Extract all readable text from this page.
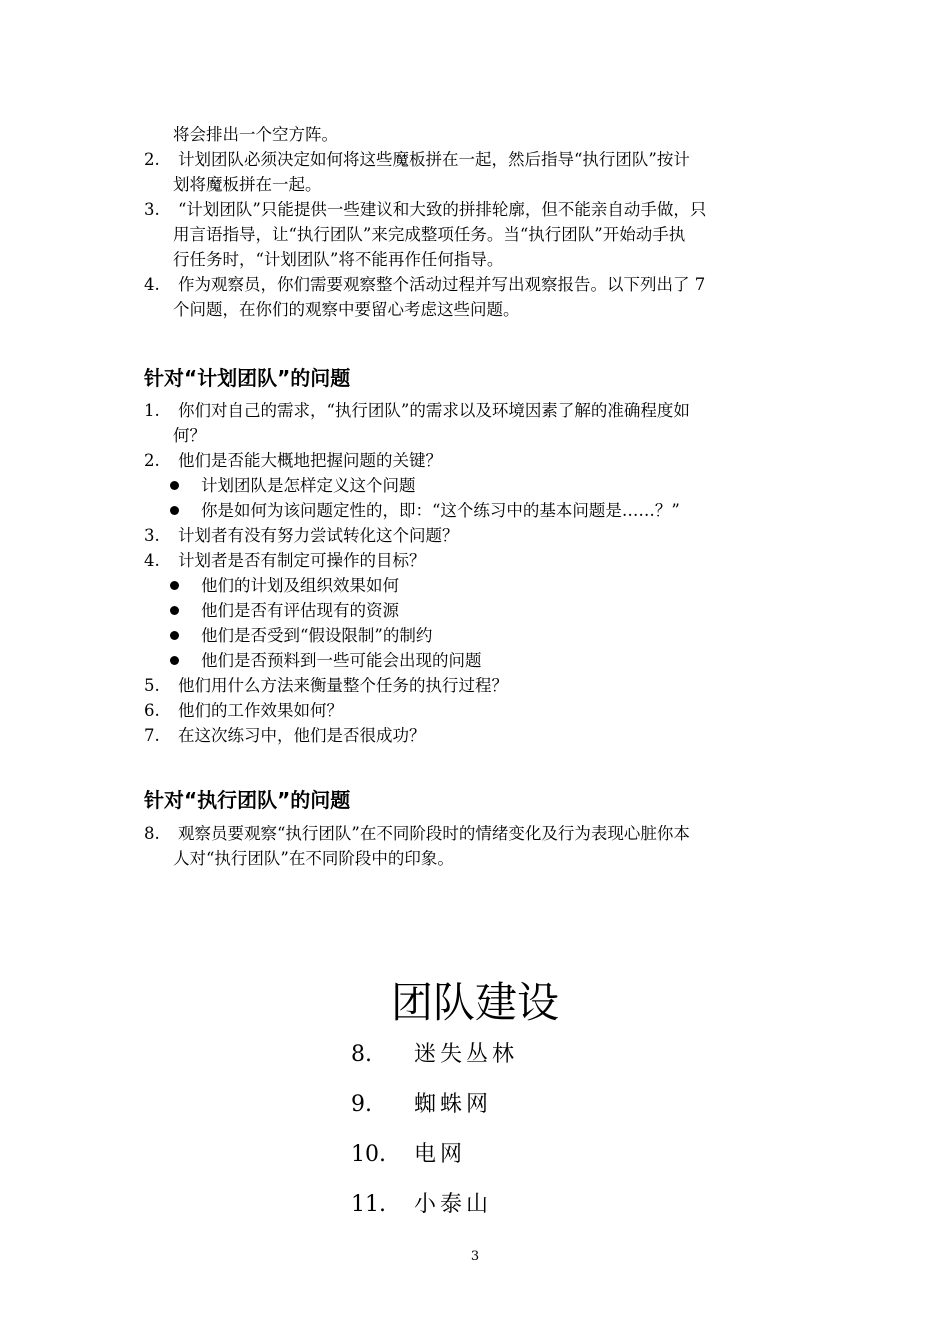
将会排出一个空方阵。
2. 计划团队必须决定如何将这些魔板拼在一起，然后指导“执行团队”按计
划将魔板拼在一起。
3. “计划团队”只能提供一些建议和大致的拼排轮廓，但不能亲自动手做，只
用言语指导，让“执行团队”来完成整项任务。当“执行团队”开始动手执
行任务时，“计划团队”将不能再作任何指导。
4. 作为观察员，你们需要观察整个活动过程并写出观察报告。以下列出了 7
个问题，在你们的观察中要留心考虑这些问题。
针对“计划团队”的问题
1. 你们对自己的需求，“执行团队”的需求以及环境因素了解的准确程度如
何？
2. 他们是否能大概地把握问题的关键？
计划团队是怎样定义这个问题
你是如何为该问题定性的，即：“这个练习中的基本问题是……？”
3. 计划者有没有努力尝试转化这个问题？
4. 计划者是否有制定可操作的目标？
他们的计划及组织效果如何
他们是否有评估现有的资源
他们是否受到“假设限制”的制约
他们是否预料到一些可能会出现的问题
5. 他们用什么方法来衡量整个任务的执行过程？
6. 他们的工作效果如何？
7. 在这次练习中，他们是否很成功？
针对“执行团队”的问题
8. 观察员要观察“执行团队”在不同阶段时的情绪变化及行为表现心脏你本
人对“执行团队”在不同阶段中的印象。
团队建设
8. 迷失丛林
9. 蜘蛛网
10. 电网
11. 小泰山
3
